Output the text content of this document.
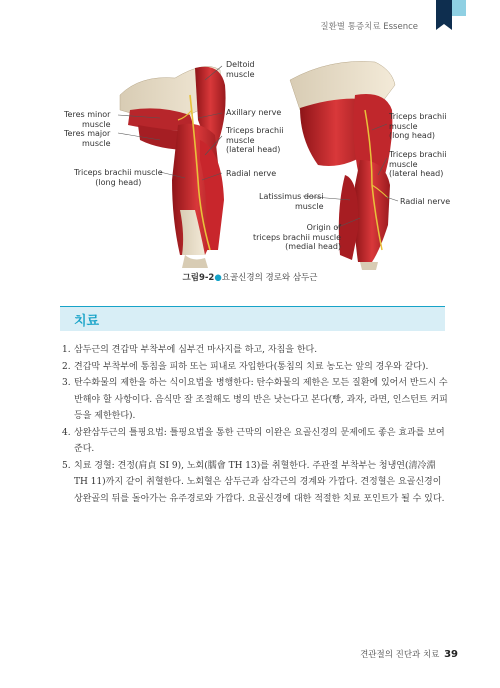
질환별 통증치료 Essence
Deltoid
muscle
Axillary nerve
Teres minor
muscle
Teres major
muscle
Triceps brachii
muscle
(lateral head)
Triceps brachii muscle
(long head)
Radial nerve
Latissimus dorsi
muscle
Origin of
triceps brachii muscle
(medial head)
Triceps brachii
muscle
(long head)
Triceps brachii
muscle
(lateral head)
Radial nerve
그림9-2●요골신경의 경로와 삼두근
치료
1. 삼두근의 견갑막 부착부에 심부건 마사지를 하고, 자침을 한다.
2. 견갑막 부착부에 통침을 피하 또는 피내로 자입한다(통침의 치료 농도는 앞의 경우와 같다).
3. 탄수화물의 제한을 하는 식이요법을 병행한다: 탄수화물의 제한은 모든 질환에 있어서 반드시 수반해야 할 사항이다. 음식만 잘 조절해도 병의 반은 낫는다고 본다(빵, 과자, 라면, 인스턴트 커피 등을 제한한다).
4. 상완삼두근의 틀핑요법: 틀핑요법을 통한 근막의 이완은 요골신경의 문제에도 좋은 효과를 보여준다.
5. 치료 경혈: 견정(肩貞 SI 9), 노회(臑會 TH 13)를 취혈한다. 주관절 부착부는 청냉연(淸冷淵 TH 11)까지 같이 취혈한다. 노회혈은 삼두근과 삼각근의 경계와 가깝다. 견정혈은 요골신경이 상완골의 뒤를 돌아가는 유주경로와 가깝다. 요골신경에 대한 적절한 치료 포인트가 될 수 있다.
견관절의 진단과 치료 39
